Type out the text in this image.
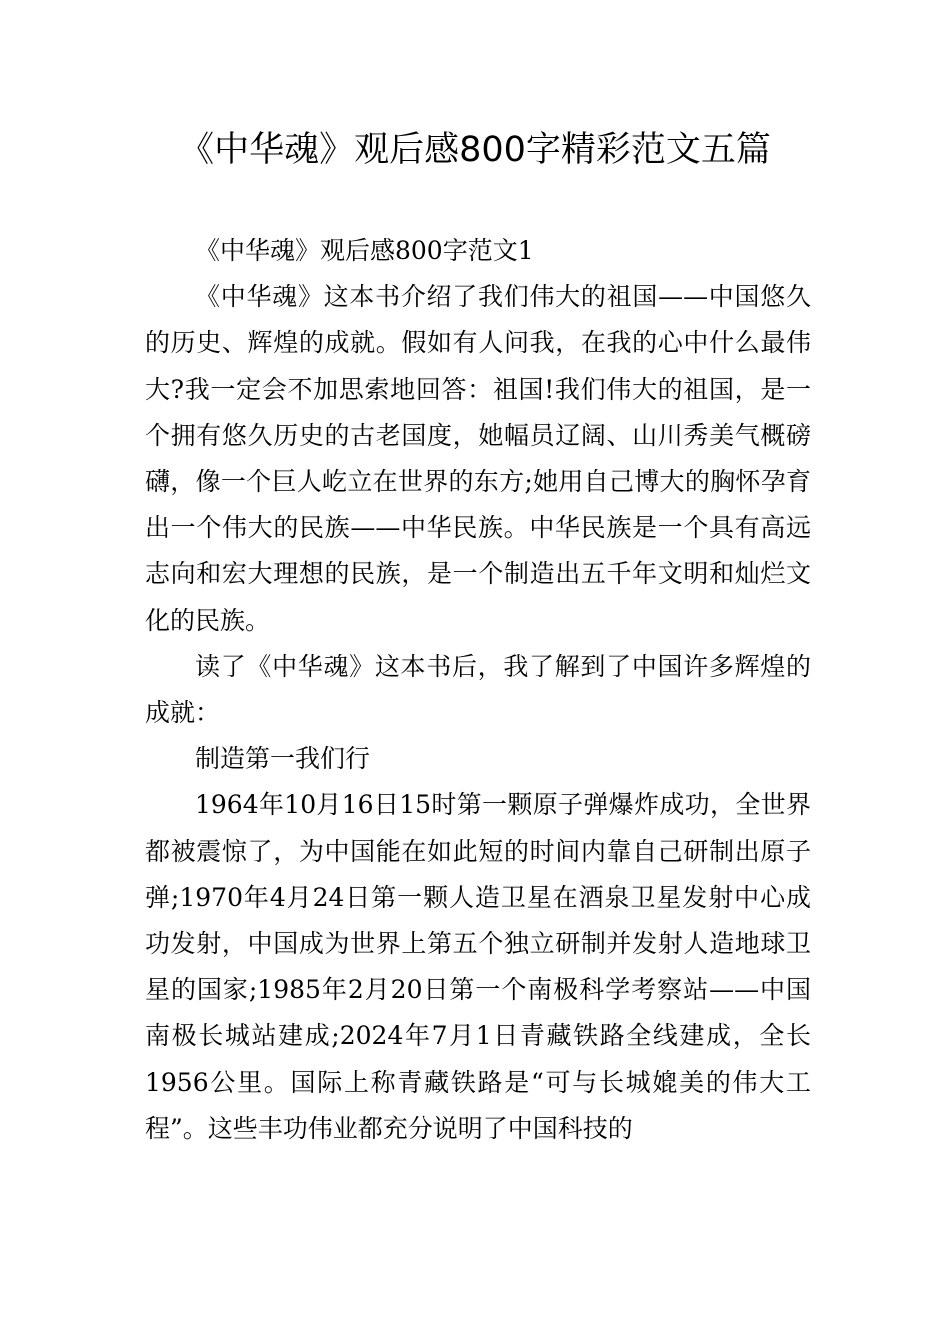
《中华魂》观后感800字精彩范文五篇

《中华魂》观后感800字范文1

《中华魂》这本书介绍了我们伟大的祖国——中国悠久的历史、辉煌的成就。假如有人问我，在我的心中什么最伟大?我一定会不加思索地回答：祖国!我们伟大的祖国，是一个拥有悠久历史的古老国度，她幅员辽阔、山川秀美气概磅礴，像一个巨人屹立在世界的东方;她用自己博大的胸怀孕育出一个伟大的民族——中华民族。中华民族是一个具有高远志向和宏大理想的民族，是一个制造出五千年文明和灿烂文化的民族。

读了《中华魂》这本书后，我了解到了中国许多辉煌的成就：

制造第一我们行

1964年10月16日15时第一颗原子弹爆炸成功，全世界都被震惊了，为中国能在如此短的时间内靠自己研制出原子弹;1970年4月24日第一颗人造卫星在酒泉卫星发射中心成功发射，中国成为世界上第五个独立研制并发射人造地球卫星的国家;1985年2月20日第一个南极科学考察站——中国南极长城站建成;2024年7月1日青藏铁路全线建成，全长1956公里。国际上称青藏铁路是“可与长城媲美的伟大工程”。这些丰功伟业都充分说明了中国科技的
